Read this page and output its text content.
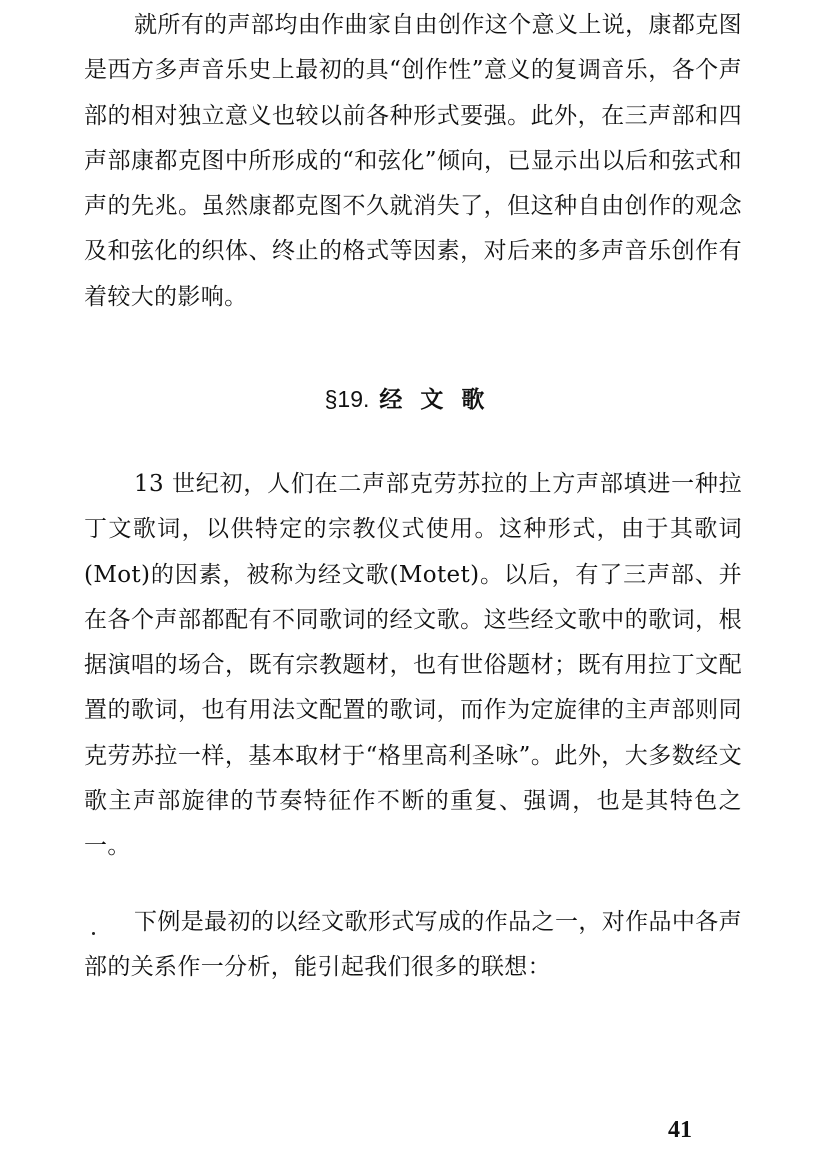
就所有的声部均由作曲家自由创作这个意义上说，康都克图是西方多声音乐史上最初的具“创作性”意义的复调音乐，各个声部的相对独立意义也较以前各种形式要强。此外，在三声部和四声部康都克图中所形成的“和弦化”倾向，已显示出以后和弦式和声的先兆。虽然康都克图不久就消失了，但这种自由创作的观念及和弦化的织体、终止的格式等因素，对后来的多声音乐创作有着较大的影响。

§19. 经文歌

13 世纪初，人们在二声部克劳苏拉的上方声部填进一种拉丁文歌词，以供特定的宗教仪式使用。这种形式，由于其歌词(Mot)的因素，被称为经文歌(Motet)。以后，有了三声部、并在各个声部都配有不同歌词的经文歌。这些经文歌中的歌词，根据演唱的场合，既有宗教题材，也有世俗题材；既有用拉丁文配置的歌词，也有用法文配置的歌词，而作为定旋律的主声部则同克劳苏拉一样，基本取材于“格里高利圣咏”。此外，大多数经文歌主声部旋律的节奏特征作不断的重复、强调，也是其特色之一。

下例是最初的以经文歌形式写成的作品之一，对作品中各声部的关系作一分析，能引起我们很多的联想：

41
